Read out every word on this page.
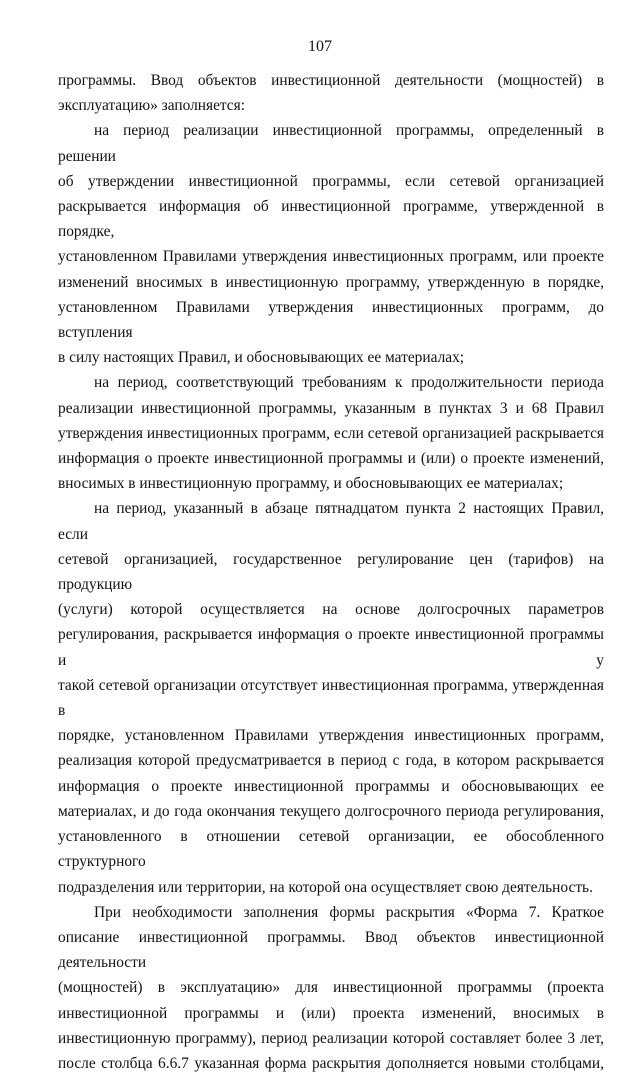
107

программы. Ввод объектов инвестиционной деятельности (мощностей) в

эксплуатацию» заполняется:

на период реализации инвестиционной программы, определенный в решении

об утверждении инвестиционной программы, если сетевой организацией

раскрывается информация об инвестиционной программе, утвержденной в порядке,

установленном Правилами утверждения инвестиционных программ, или проекте

изменений вносимых в инвестиционную программу, утвержденную в порядке,

установленном Правилами утверждения инвестиционных программ, до вступления

в силу настоящих Правил, и обосновывающих ее материалах;

на период, соответствующий требованиям к продолжительности периода

реализации инвестиционной программы, указанным в пунктах 3 и 68 Правил

утверждения инвестиционных программ, если сетевой организацией раскрывается

информация о проекте инвестиционной программы и (или) о проекте изменений,

вносимых в инвестиционную программу, и обосновывающих ее материалах;

на период, указанный в абзаце пятнадцатом пункта 2 настоящих Правил, если

сетевой организацией, государственное регулирование цен (тарифов) на продукцию

(услуги) которой осуществляется на основе долгосрочных параметров

регулирования, раскрывается информация о проекте инвестиционной программы и у

такой сетевой организации отсутствует инвестиционная программа, утвержденная в

порядке, установленном Правилами утверждения инвестиционных программ,

реализация которой предусматривается в период с года, в котором раскрывается

информация о проекте инвестиционной программы и обосновывающих ее

материалах, и до года окончания текущего долгосрочного периода регулирования,

установленного в отношении сетевой организации, ее обособленного структурного

подразделения или территории, на которой она осуществляет свою деятельность.

При необходимости заполнения формы раскрытия «Форма 7. Краткое

описание инвестиционной программы. Ввод объектов инвестиционной деятельности

(мощностей) в эксплуатацию» для инвестиционной программы (проекта

инвестиционной программы и (или) проекта изменений, вносимых в

инвестиционную программу), период реализации которой составляет более 3 лет,

после столбца 6.6.7 указанная форма раскрытия дополняется новыми столбцами,
